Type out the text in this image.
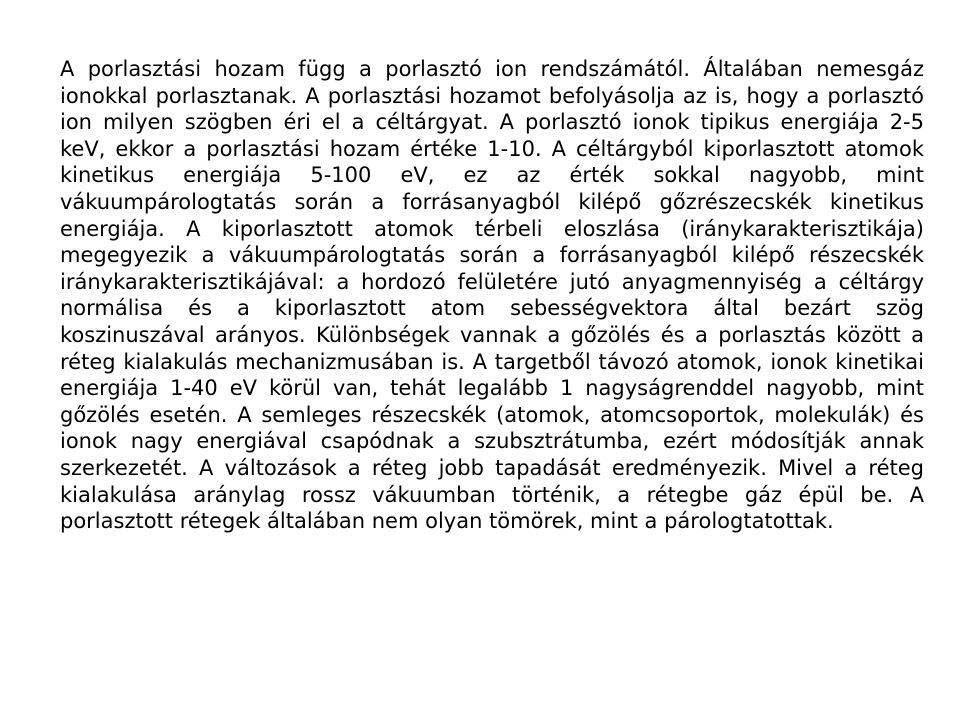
A porlasztási hozam függ a porlasztó ion rendszámától. Általában nemesgáz ionokkal porlasztanak. A porlasztási hozamot befolyásolja az is, hogy a porlasztó ion milyen szögben éri el a céltárgyat. A porlasztó ionok tipikus energiája 2-5 keV, ekkor a porlasztási hozam értéke 1-10. A céltárgyból kiporlasztott atomok kinetikus energiája 5-100 eV, ez az érték sokkal nagyobb, mint vákuumpárologtatás során a forrásanyagból kilépő gőzrészecskék kinetikus energiája. A kiporlasztott atomok térbeli eloszlása (iránykarakterisztikája) megegyezik a vákuumpárologtatás során a forrásanyagból kilépő részecskék iránykarakterisztikájával: a hordozó felületére jutó anyagmennyiség a céltárgy normálisa és a kiporlasztott atom sebességvektora által bezárt szög koszinuszával arányos. Különbségek vannak a gőzölés és a porlasztás között a réteg kialakulás mechanizmusában is. A targetből távozó atomok, ionok kinetikai energiája 1-40 eV körül van, tehát legalább 1 nagyságrenddel nagyobb, mint gőzölés esetén. A semleges részecskék (atomok, atomcsoportok, molekulák) és ionok nagy energiával csapódnak a szubsztrátumba, ezért módosítják annak szerkezetét. A változások a réteg jobb tapadását eredményezik. Mivel a réteg kialakulása aránylag rossz vákuumban történik, a rétegbe gáz épül be. A porlasztott rétegek általában nem olyan tömörek, mint a párologtatottak.
